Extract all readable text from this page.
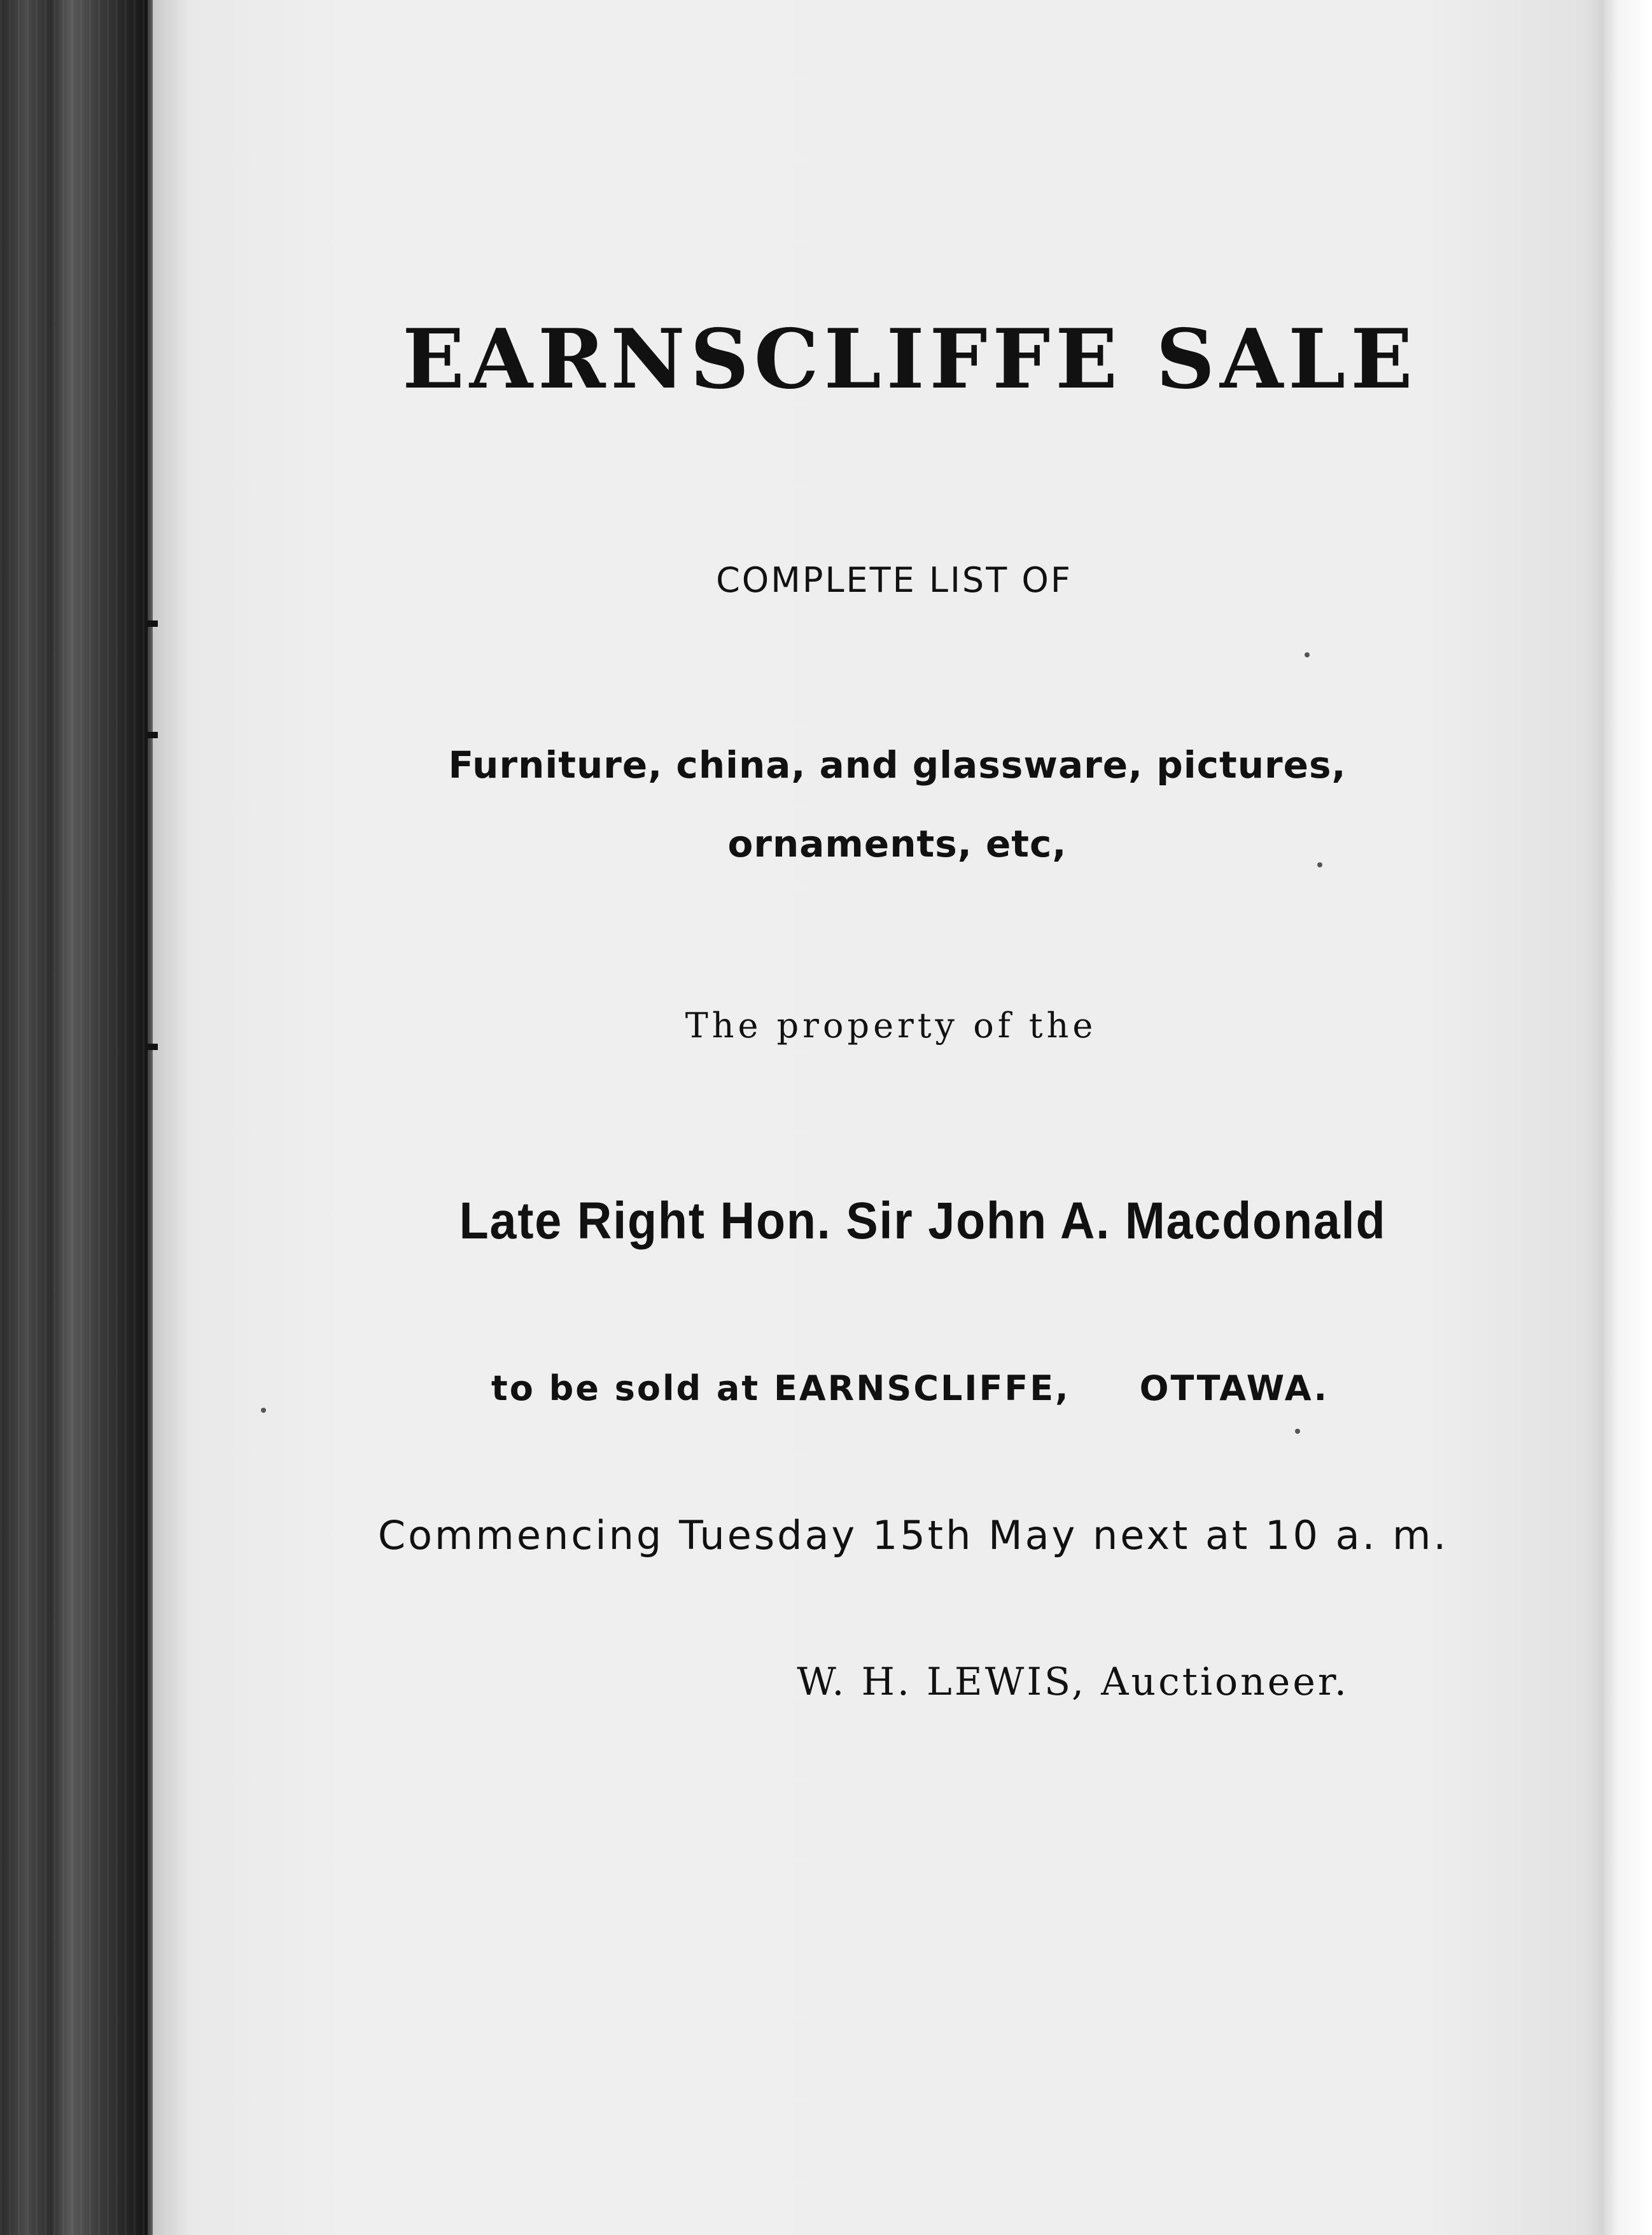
EARNSCLIFFE SALE
COMPLETE LIST OF
Furniture, china, and glassware, pictures,
ornaments, etc,
The property of the
Late Right Hon. Sir John A. Macdonald
to be sold at EARNSCLIFFE,     OTTAWA.
Commencing Tuesday 15th May next at 10 a. m.
W. H. LEWIS, Auctioneer.
